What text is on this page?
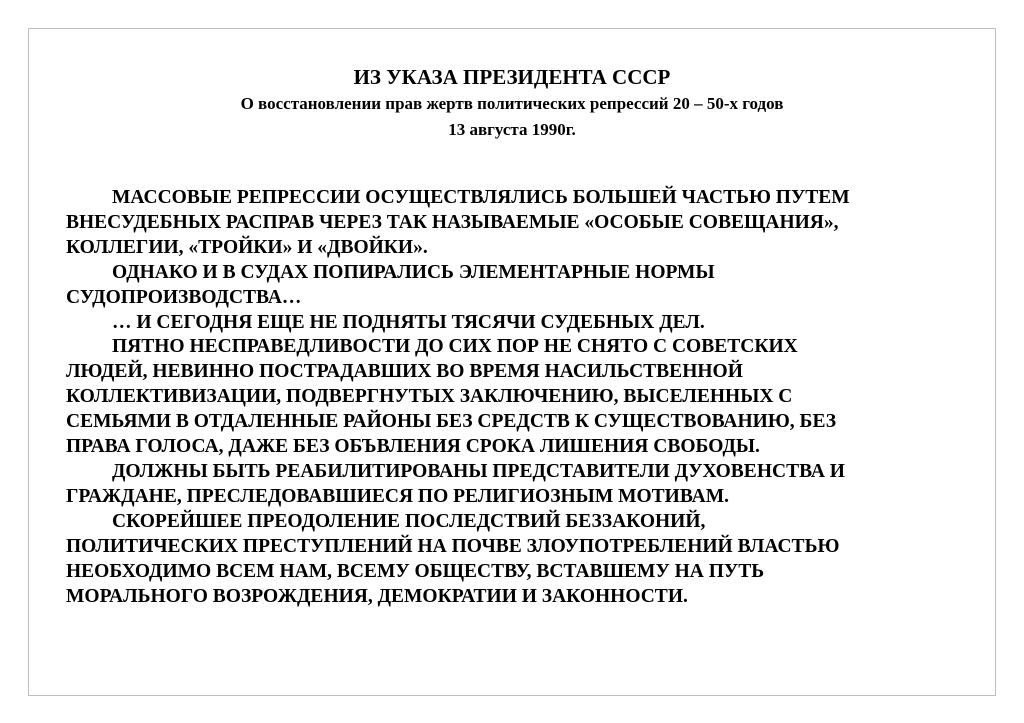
ИЗ УКАЗА ПРЕЗИДЕНТА СССР
О восстановлении прав жертв политических репрессий 20 – 50-х годов
13 августа 1990г.
МАССОВЫЕ РЕПРЕССИИ ОСУЩЕСТВЛЯЛИСЬ БОЛЬШЕЙ ЧАСТЬЮ ПУТЕМ
ВНЕСУДЕБНЫХ РАСПРАВ ЧЕРЕЗ ТАК НАЗЫВАЕМЫЕ «ОСОБЫЕ СОВЕЩАНИЯ»,
КОЛЛЕГИИ, «ТРОЙКИ» И «ДВОЙКИ».
ОДНАКО И В СУДАХ ПОПИРАЛИСЬ ЭЛЕМЕНТАРНЫЕ НОРМЫ
СУДОПРОИЗВОДСТВА…
… И СЕГОДНЯ ЕЩЕ НЕ ПОДНЯТЫ ТЯСЯЧИ СУДЕБНЫХ ДЕЛ.
ПЯТНО НЕСПРАВЕДЛИВОСТИ ДО СИХ ПОР НЕ СНЯТО С СОВЕТСКИХ
ЛЮДЕЙ, НЕВИННО ПОСТРАДАВШИХ ВО ВРЕМЯ НАСИЛЬСТВЕННОЙ
КОЛЛЕКТИВИЗАЦИИ, ПОДВЕРГНУТЫХ ЗАКЛЮЧЕНИЮ, ВЫСЕЛЕННЫХ С
СЕМЬЯМИ В ОТДАЛЕННЫЕ РАЙОНЫ БЕЗ СРЕДСТВ К СУЩЕСТВОВАНИЮ, БЕЗ
ПРАВА ГОЛОСА, ДАЖЕ БЕЗ ОБЪВЛЕНИЯ СРОКА ЛИШЕНИЯ СВОБОДЫ.
ДОЛЖНЫ БЫТЬ РЕАБИЛИТИРОВАНЫ ПРЕДСТАВИТЕЛИ ДУХОВЕНСТВА И
ГРАЖДАНЕ, ПРЕСЛЕДОВАВШИЕСЯ ПО РЕЛИГИОЗНЫМ МОТИВАМ.
СКОРЕЙШЕЕ ПРЕОДОЛЕНИЕ ПОСЛЕДСТВИЙ БЕЗЗАКОНИЙ,
ПОЛИТИЧЕСКИХ ПРЕСТУПЛЕНИЙ НА ПОЧВЕ ЗЛОУПОТРЕБЛЕНИЙ ВЛАСТЬЮ
НЕОБХОДИМО ВСЕМ НАМ, ВСЕМУ ОБЩЕСТВУ, ВСТАВШЕМУ НА ПУТЬ
МОРАЛЬНОГО ВОЗРОЖДЕНИЯ, ДЕМОКРАТИИ И ЗАКОННОСТИ.
